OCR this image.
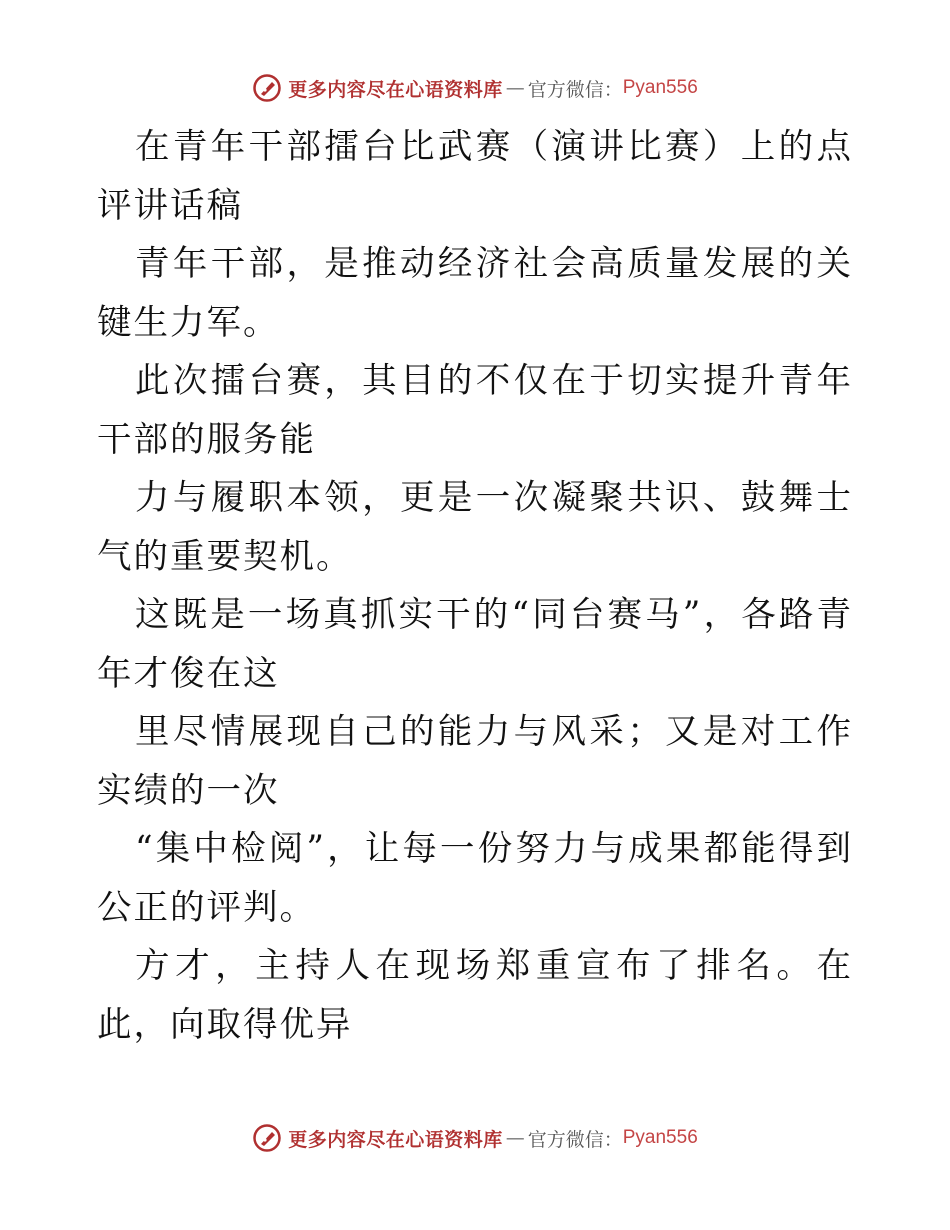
更多内容尽在心语资料库 — 官方微信： Pyan556

在青年干部擂台比武赛（演讲比赛）上的点评讲话稿

青年干部，是推动经济社会高质量发展的关键生力军。

此次擂台赛，其目的不仅在于切实提升青年干部的服务能

力与履职本领，更是一次凝聚共识、鼓舞士气的重要契机。

这既是一场真抓实干的“同台赛马”，各路青年才俊在这

里尽情展现自己的能力与风采；又是对工作实绩的一次

“集中检阅”，让每一份努力与成果都能得到公正的评判。

方才，主持人在现场郑重宣布了排名。在此，向取得优异

更多内容尽在心语资料库 — 官方微信： Pyan556
